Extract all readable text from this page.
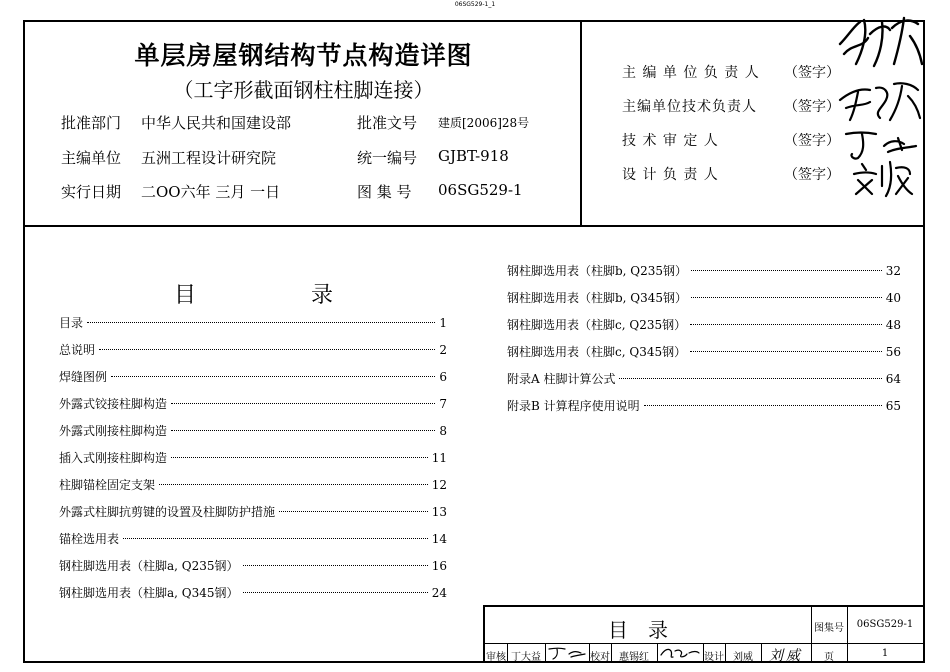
06SG529-1_1
单层房屋钢结构节点构造详图
（工字形截面钢柱柱脚连接）
批准部门 中华人民共和国建设部	批准文号 建质[2006]28号
主编单位 五洲工程设计研究院	统一编号 GJBT-918
实行日期 二OO六年 三月 一日	图 集 号 06SG529-1
主 编 单 位 负 责 人	（签字）
主编单位技术负责人	（签字）
技 术 审 定 人	（签字）
设 计 负 责 人	（签字）
目	录
目录	1
总说明	2
焊缝图例	6
外露式铰接柱脚构造	7
外露式刚接柱脚构造	8
插入式刚接柱脚构造	11
柱脚锚栓固定支架	12
外露式柱脚抗剪键的设置及柱脚防护措施	13
锚栓选用表	14
钢柱脚选用表（柱脚a, Q235钢）	16
钢柱脚选用表（柱脚a, Q345钢）	24
钢柱脚选用表（柱脚b, Q235钢）	32
钢柱脚选用表（柱脚b, Q345钢）	40
钢柱脚选用表（柱脚c, Q235钢）	48
钢柱脚选用表（柱脚c, Q345钢）	56
附录A 柱脚计算公式	64
附录B 计算程序使用说明	65
目录	图集号	06SG529-1
页	1
审核 丁大益	校对 惠锡红	设计 刘威	刘威
